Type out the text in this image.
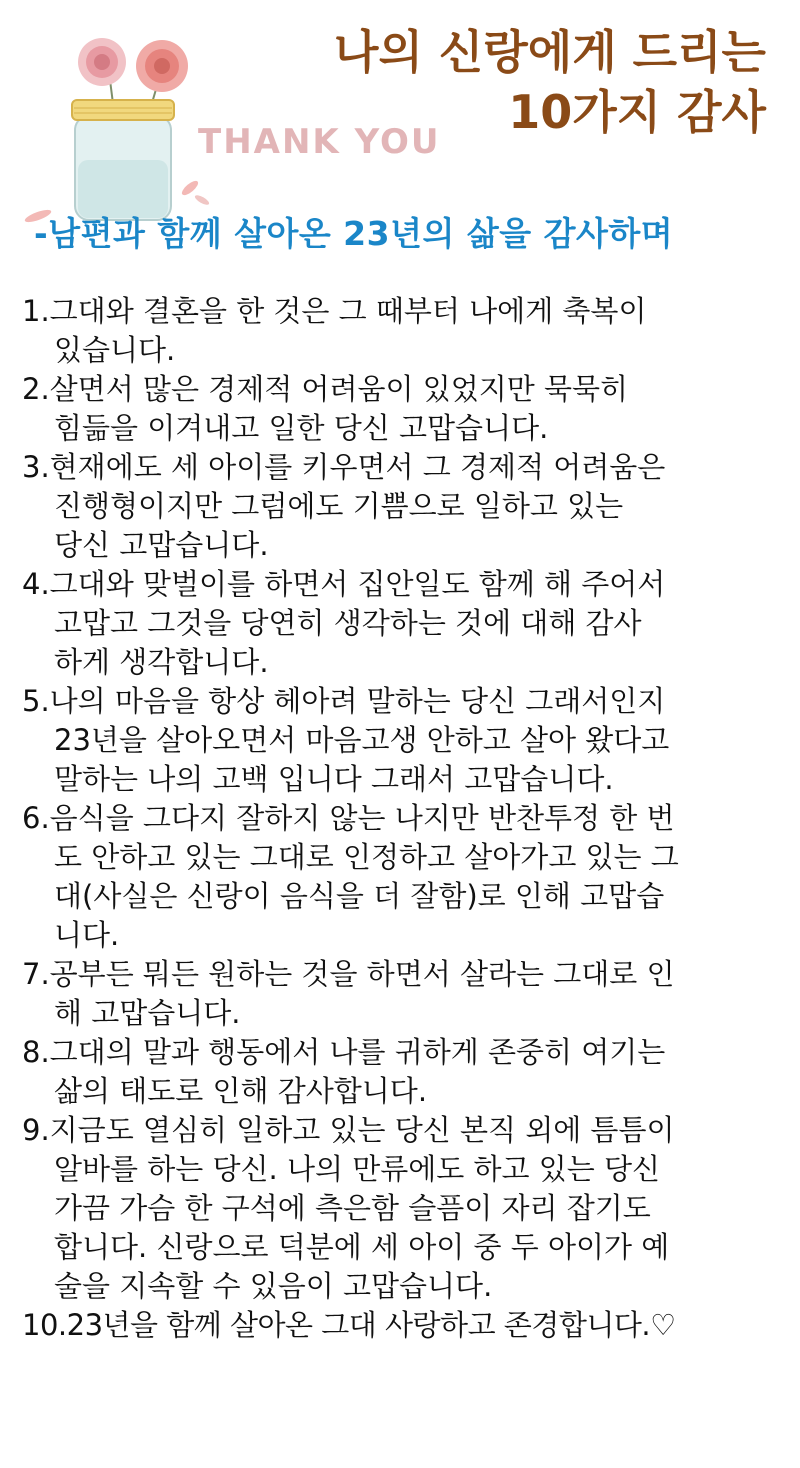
THANK YOU
나의 신랑에게 드리는
10가지 감사
-남편과 함께 살아온 23년의 삶을 감사하며
1.그대와 결혼을 한 것은 그 때부터 나에게 축복이
있습니다.
2.살면서 많은 경제적 어려움이 있었지만 묵묵히
힘듦을 이겨내고 일한 당신 고맙습니다.
3.현재에도 세 아이를 키우면서 그 경제적 어려움은
진행형이지만 그럼에도 기쁨으로 일하고 있는
당신 고맙습니다.
4.그대와 맞벌이를 하면서 집안일도 함께 해 주어서
고맙고 그것을 당연히 생각하는 것에 대해 감사
하게 생각합니다.
5.나의 마음을 항상 헤아려 말하는 당신 그래서인지
23년을 살아오면서 마음고생 안하고 살아 왔다고
말하는 나의 고백 입니다 그래서 고맙습니다.
6.음식을 그다지 잘하지 않는 나지만 반찬투정 한 번
도 안하고 있는 그대로 인정하고 살아가고 있는 그
대(사실은 신랑이 음식을 더 잘함)로 인해 고맙습
니다.
7.공부든 뭐든 원하는 것을 하면서 살라는 그대로 인
해 고맙습니다.
8.그대의 말과 행동에서 나를 귀하게 존중히 여기는
삶의 태도로 인해 감사합니다.
9.지금도 열심히 일하고 있는 당신 본직 외에 틈틈이
알바를 하는 당신. 나의 만류에도 하고 있는 당신
가끔 가슴 한 구석에 측은함 슬픔이 자리 잡기도
합니다. 신랑으로 덕분에 세 아이 중 두 아이가 예
술을 지속할 수 있음이 고맙습니다.
10.23년을 함께 살아온 그대 사랑하고 존경합니다.♡
